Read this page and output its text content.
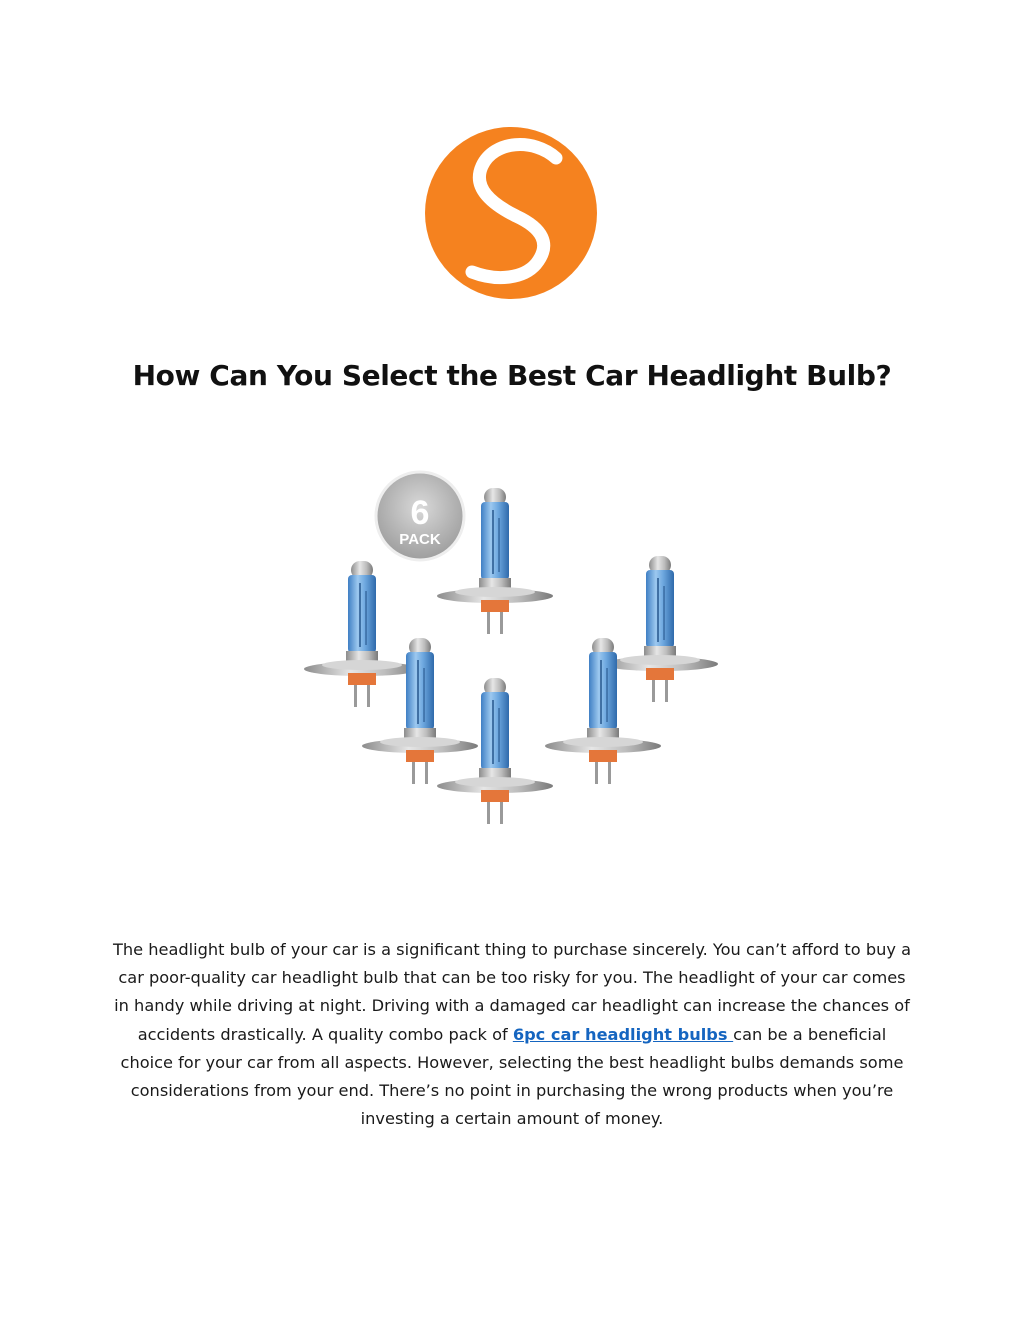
How Can You Select the Best Car Headlight Bulb?
6
PACK

The headlight bulb of your car is a significant thing to purchase sincerely. You can’t afford to buy a car poor-quality car headlight bulb that can be too risky for you. The headlight of your car comes in handy while driving at night. Driving with a damaged car headlight can increase the chances of accidents drastically. A quality combo pack of 6pc car headlight bulbs can be a beneficial choice for your car from all aspects. However, selecting the best headlight bulbs demands some considerations from your end. There’s no point in purchasing the wrong products when you’re investing a certain amount of money.
